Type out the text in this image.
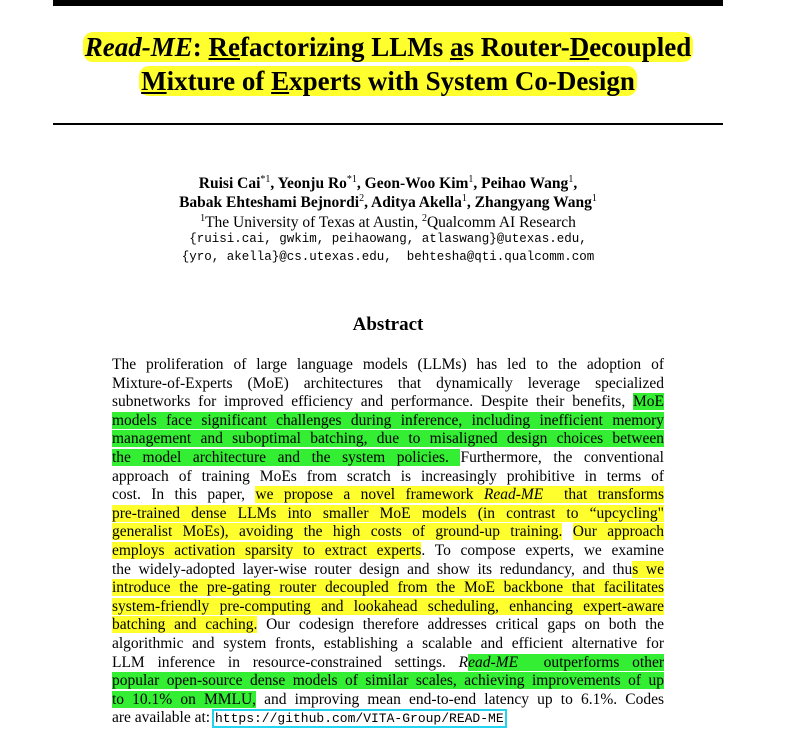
Read-ME: Refactorizing LLMs as Router-Decoupled
Mixture of Experts with System Co-Design
Ruisi Cai$^{*1}$, Yeonju Ro$^{*1}$, Geon-Woo Kim$^1$, Peihao Wang$^1$,
Babak Ehteshami Bejnordi$^2$, Aditya Akella$^1$, Zhangyang Wang$^1$
$^1$The University of Texas at Austin, $^2$Qualcomm AI Research
{ruisi.cai, gwkim, peihaowang, atlaswang}@utexas.edu,
{yro, akella}@cs.utexas.edu,  behtesha@qti.qualcomm.com
Abstract
The proliferation of large language models (LLMs) has led to the adoption of
Mixture-of-Experts (MoE) architectures that dynamically leverage specialized
subnetworks for improved efficiency and performance. Despite their benefits, MoE
models face significant challenges during inference, including inefficient memory
management and suboptimal batching, due to misaligned design choices between
the model architecture and the system policies. Furthermore, the conventional
approach of training MoEs from scratch is increasingly prohibitive in terms of
cost. In this paper, we propose a novel framework Read-ME  that transforms
pre-trained dense LLMs into smaller MoE models (in contrast to “upcycling"
generalist MoEs), avoiding the high costs of ground-up training. Our approach
employs activation sparsity to extract experts. To compose experts, we examine
the widely-adopted layer-wise router design and show its redundancy, and thus we
introduce the pre-gating router decoupled from the MoE backbone that facilitates
system-friendly pre-computing and lookahead scheduling, enhancing expert-aware
batching and caching. Our codesign therefore addresses critical gaps on both the
algorithmic and system fronts, establishing a scalable and efficient alternative for
LLM inference in resource-constrained settings. Read-ME  outperforms other
popular open-source dense models of similar scales, achieving improvements of up
to 10.1% on MMLU, and improving mean end-to-end latency up to 6.1%. Codes
are available at: https://github.com/VITA-Group/READ-ME
